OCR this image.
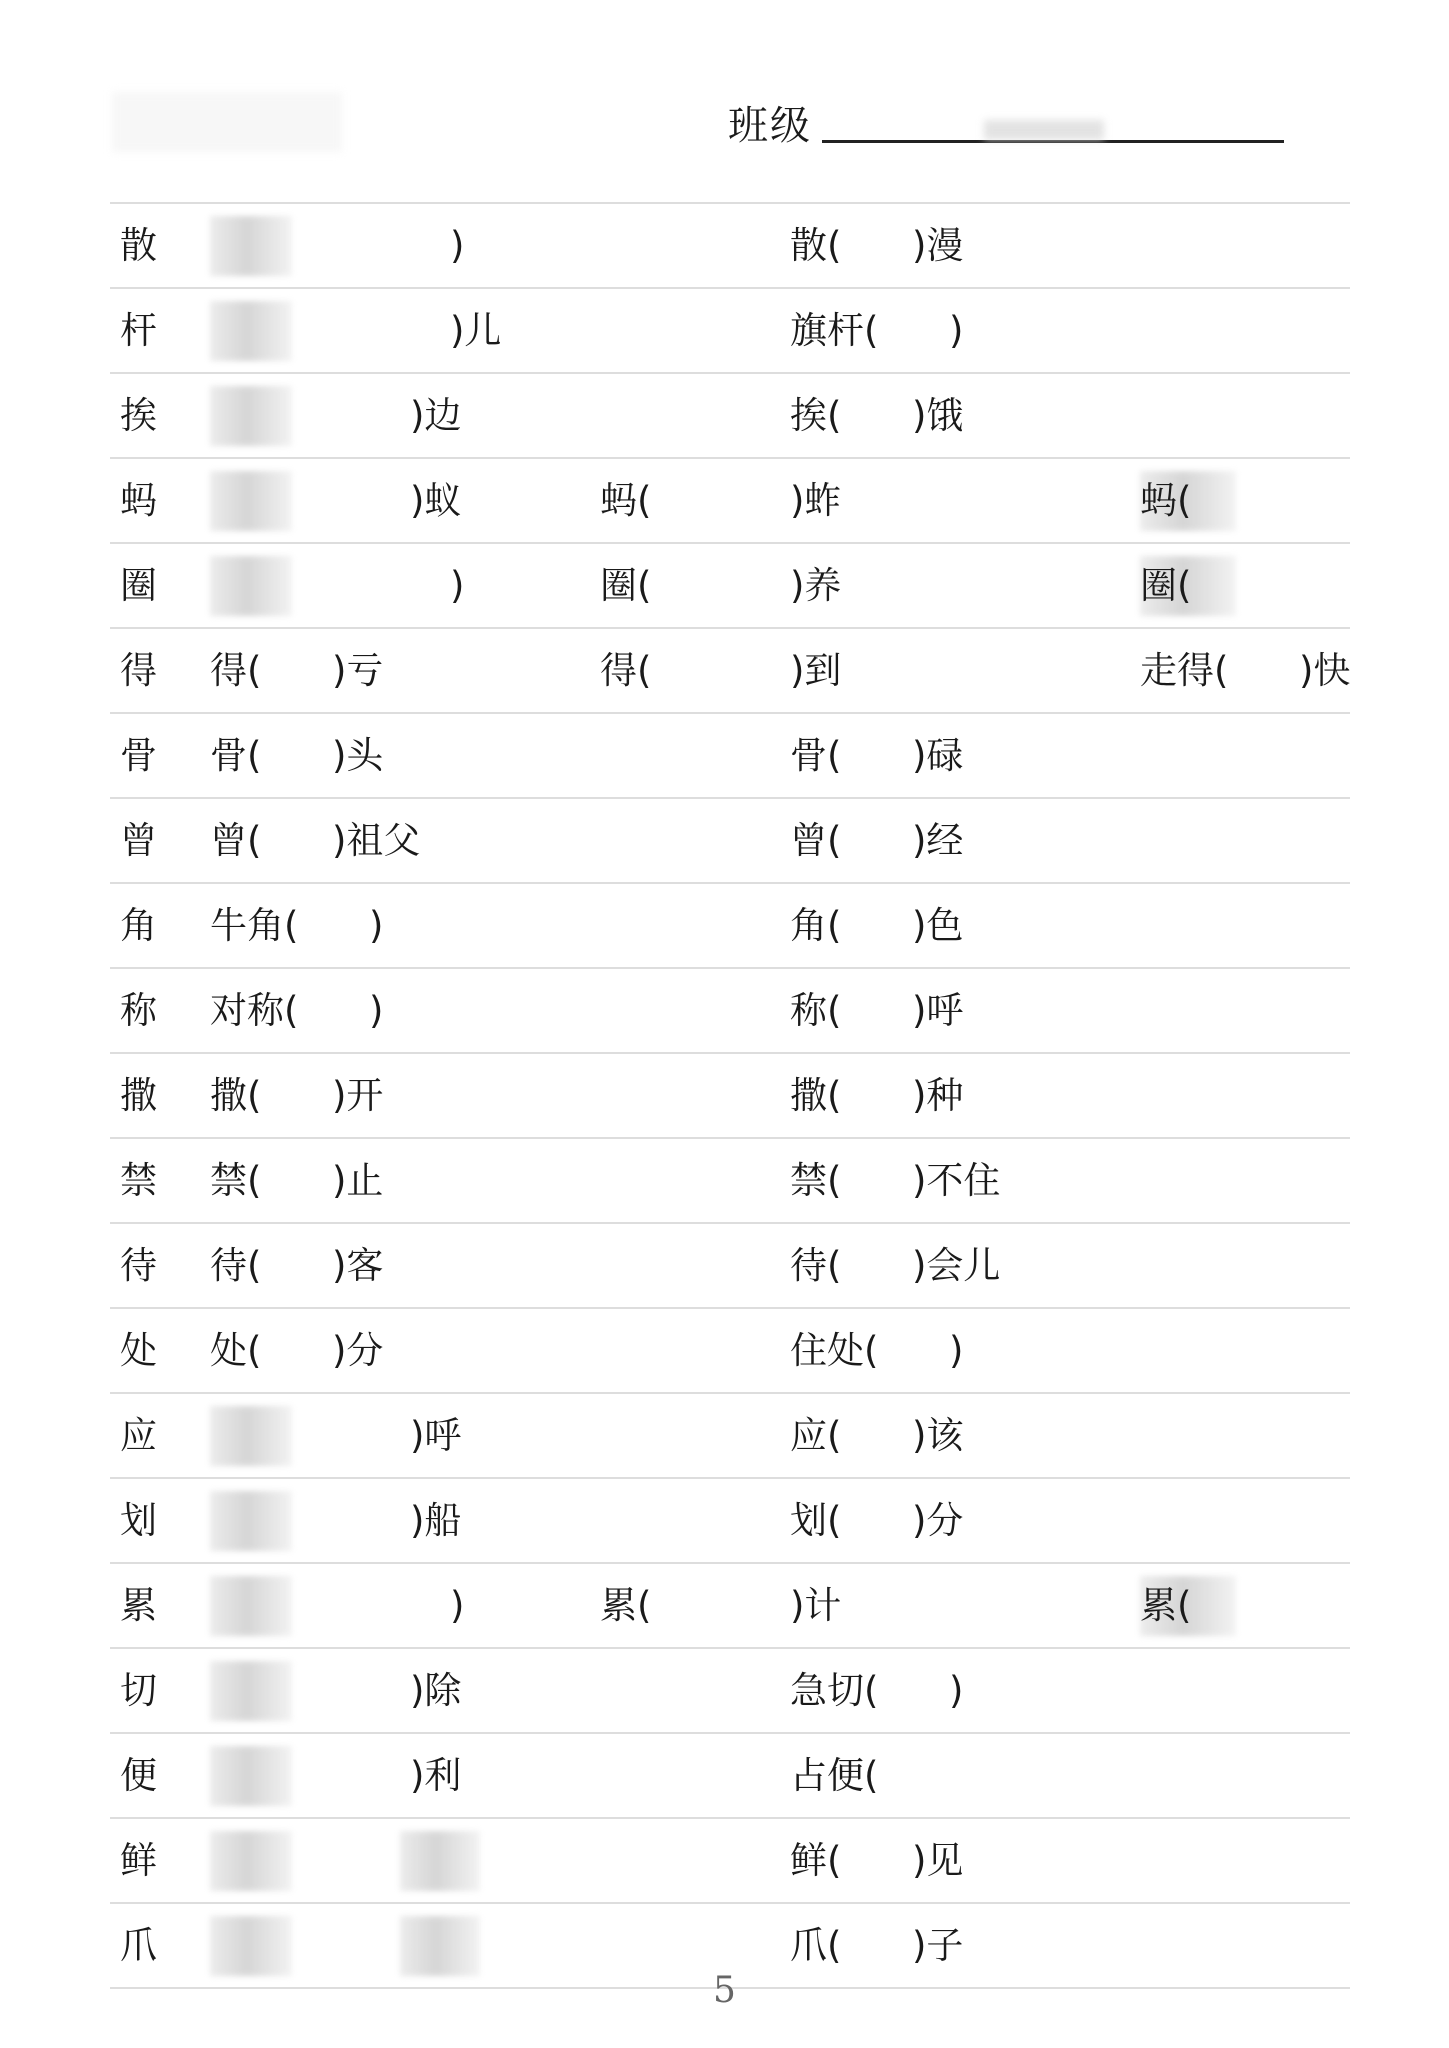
班级
散	)	散(      )漫
杆	)儿	旗杆(      )
挨	)边	挨(      )饿
蚂	)蚁	蚂(	)蚱	蚂(
圈	)	圈(	)养	圈(
得 得(      )亏	得(	)到	走得(      )快
骨 骨(      )头	骨(      )碌
曾 曾(      )祖父	曾(      )经
角 牛角(      )	角(      )色
称 对称(      )	称(      )呼
撒 撒(      )开	撒(      )种
禁 禁(      )止	禁(      )不住
待 待(      )客	待(      )会儿
处 处(      )分	住处(      )
应	)呼	应(      )该
划	)船	划(      )分
累	)	累(	)计	累(
切	)除	急切(      )
便	)利	占便(
鲜	鲜(      )见
爪	爪(      )子
5
